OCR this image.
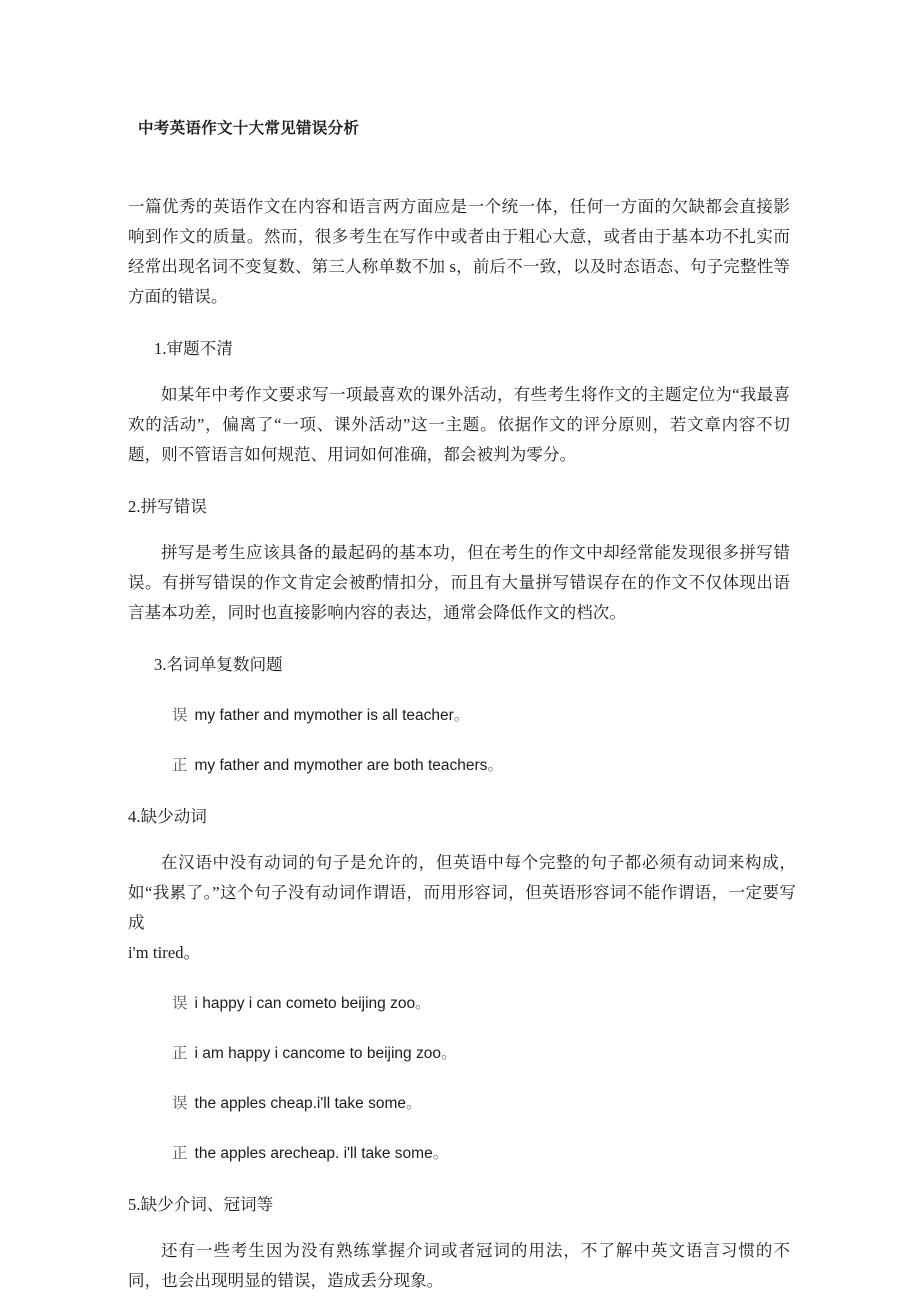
中考英语作文十大常见错误分析

一篇优秀的英语作文在内容和语言两方面应是一个统一体，任何一方面的欠缺都会直接影响到作文的质量。然而，很多考生在写作中或者由于粗心大意，或者由于基本功不扎实而经常出现名词不变复数、第三人称单数不加 s，前后不一致，以及时态语态、句子完整性等方面的错误。

1.审题不清

如某年中考作文要求写一项最喜欢的课外活动，有些考生将作文的主题定位为“我最喜欢的活动”，偏离了“一项、课外活动”这一主题。依据作文的评分原则，若文章内容不切题，则不管语言如何规范、用词如何准确，都会被判为零分。

2.拼写错误

拼写是考生应该具备的最起码的基本功，但在考生的作文中却经常能发现很多拼写错误。有拼写错误的作文肯定会被酌情扣分，而且有大量拼写错误存在的作文不仅体现出语言基本功差，同时也直接影响内容的表达，通常会降低作文的档次。

3.名词单复数问题

误 my father and mymother is all teacher。

正 my father and mymother are both teachers。

4.缺少动词

在汉语中没有动词的句子是允许的，但英语中每个完整的句子都必须有动词来构成，如“我累了。”这个句子没有动词作谓语，而用形容词，但英语形容词不能作谓语，一定要写成

i'm tired。

误 i happy i can cometo beijing zoo。

正 i am happy i cancome to beijing zoo。

误 the apples cheap.i'll take some。

正 the apples arecheap. i'll take some。

5.缺少介词、冠词等

还有一些考生因为没有熟练掌握介词或者冠词的用法，不了解中英文语言习惯的不同，也会出现明显的错误，造成丢分现象。
